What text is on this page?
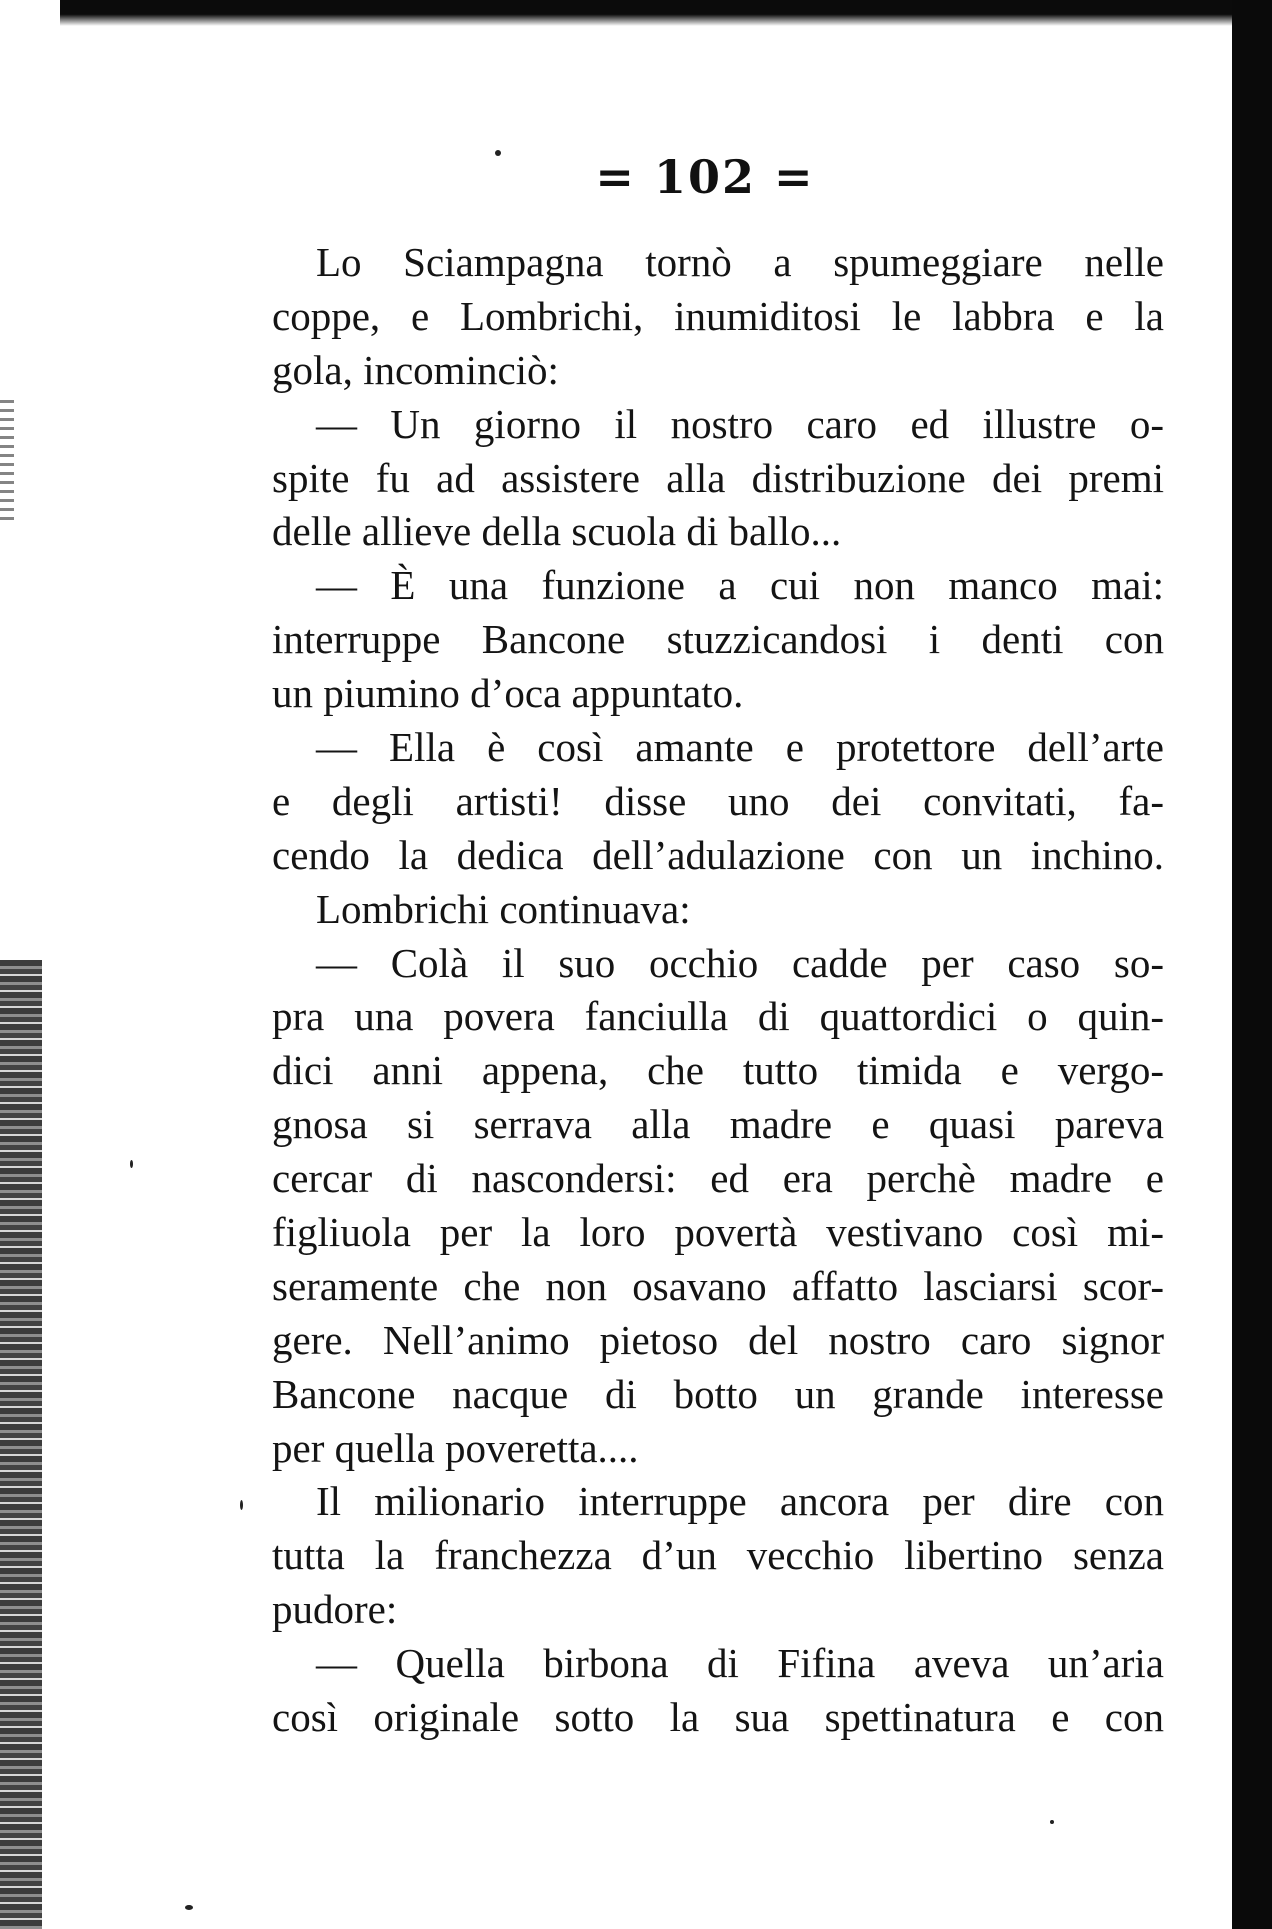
= 102 =
Lo Sciampagna tornò a spumeggiare nelle
coppe, e Lombrichi, inumiditosi le labbra e la
gola, incominciò:
— Un giorno il nostro caro ed illustre o-
spite fu ad assistere alla distribuzione dei premi
delle allieve della scuola di ballo...
— È una funzione a cui non manco mai:
interruppe Bancone stuzzicandosi i denti con
un piumino d’oca appuntato.
— Ella è così amante e protettore dell’arte
e degli artisti! disse uno dei convitati, fa-
cendo la dedica dell’adulazione con un inchino.
Lombrichi continuava:
— Colà il suo occhio cadde per caso so-
pra una povera fanciulla di quattordici o quin-
dici anni appena, che tutto timida e vergo-
gnosa si serrava alla madre e quasi pareva
cercar di nascondersi: ed era perchè madre e
figliuola per la loro povertà vestivano così mi-
seramente che non osavano affatto lasciarsi scor-
gere. Nell’animo pietoso del nostro caro signor
Bancone nacque di botto un grande interesse
per quella poveretta....
Il milionario interruppe ancora per dire con
tutta la franchezza d’un vecchio libertino senza
pudore:
— Quella birbona di Fifina aveva un’aria
così originale sotto la sua spettinatura e con
